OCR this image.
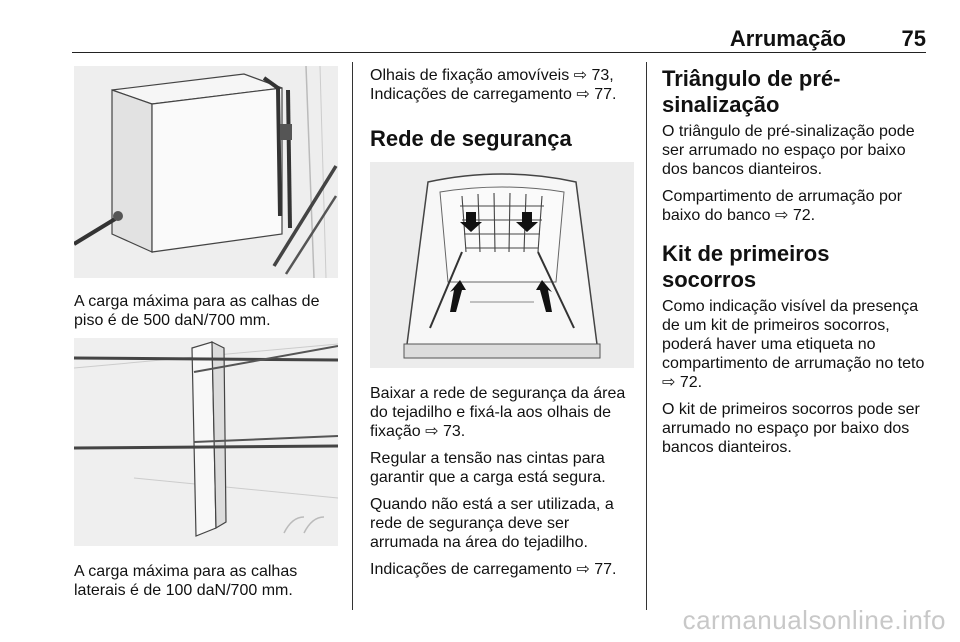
Arrumação	75
A carga máxima para as calhas de piso é de 500 daN/700 mm.
A carga máxima para as calhas laterais é de 100 daN/700 mm.

Olhais de fixação amovíveis ⇨ 73, Indicações de carregamento ⇨ 77.

Rede de segurança

Baixar a rede de segurança da área do tejadilho e fixá-la aos olhais de fixação ⇨ 73.

Regular a tensão nas cintas para garantir que a carga está segura.

Quando não está a ser utilizada, a rede de segurança deve ser arrumada na área do tejadilho.

Indicações de carregamento ⇨ 77.

Triângulo de pré-sinalização

O triângulo de pré-sinalização pode ser arrumado no espaço por baixo dos bancos dianteiros.

Compartimento de arrumação por baixo do banco ⇨ 72.

Kit de primeiros socorros

Como indicação visível da presença de um kit de primeiros socorros, poderá haver uma etiqueta no compartimento de arrumação no teto ⇨ 72.

O kit de primeiros socorros pode ser arrumado no espaço por baixo dos bancos dianteiros.

carmanualsonline.info
